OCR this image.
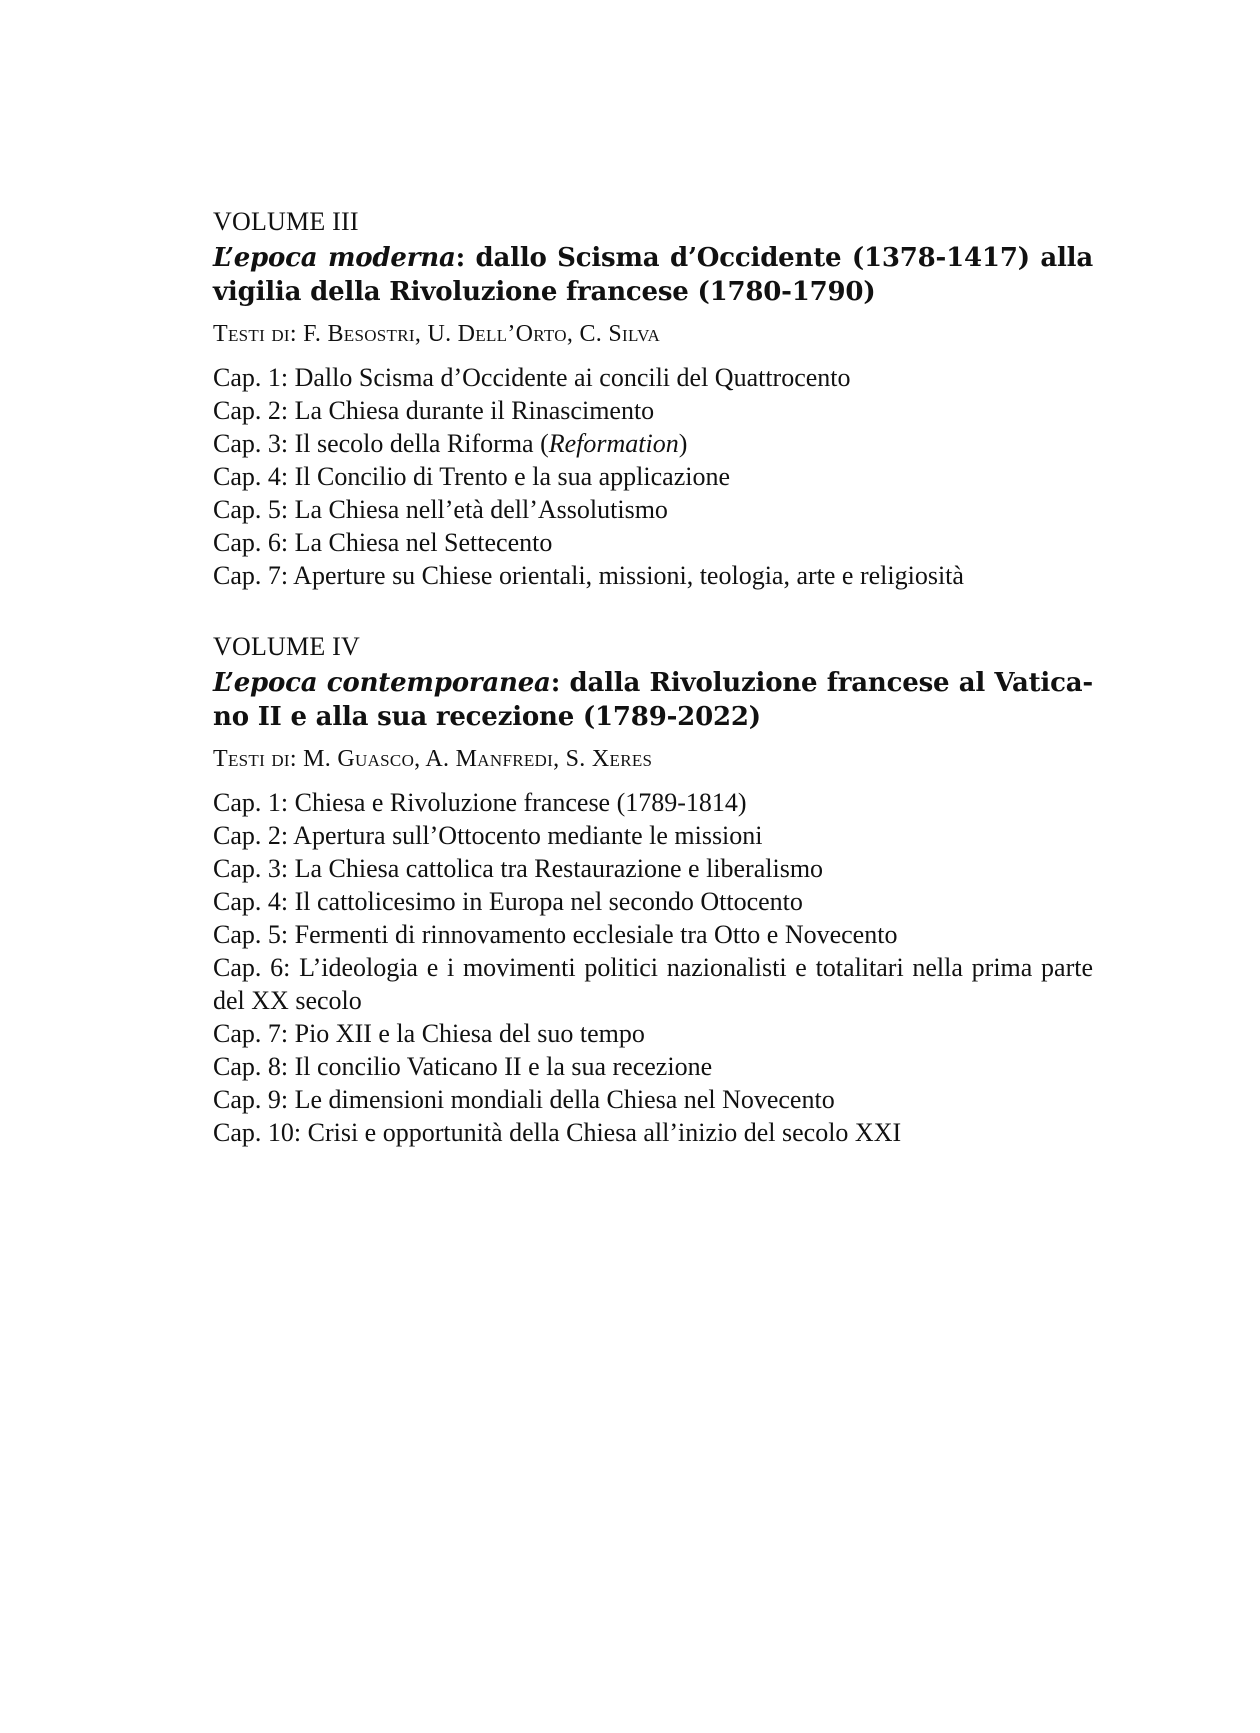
VOLUME III

L’epoca moderna: dallo Scisma d’Occidente (1378-1417) alla vigilia della Rivoluzione francese (1780-1790)

Testi di: F. Besostri, U. Dell’Orto, C. Silva

Cap. 1: Dallo Scisma d’Occidente ai concili del Quattrocento
Cap. 2: La Chiesa durante il Rinascimento
Cap. 3: Il secolo della Riforma (Reformation)
Cap. 4: Il Concilio di Trento e la sua applicazione
Cap. 5: La Chiesa nell’età dell’Assolutismo
Cap. 6: La Chiesa nel Settecento
Cap. 7: Aperture su Chiese orientali, missioni, teologia, arte e religiosità

VOLUME IV

L’epoca contemporanea: dalla Rivoluzione francese al Vatica-no II e alla sua recezione (1789-2022)

Testi di: M. Guasco, A. Manfredi, S. Xeres

Cap. 1: Chiesa e Rivoluzione francese (1789-1814)
Cap. 2: Apertura sull’Ottocento mediante le missioni
Cap. 3: La Chiesa cattolica tra Restaurazione e liberalismo
Cap. 4: Il cattolicesimo in Europa nel secondo Ottocento
Cap. 5: Fermenti di rinnovamento ecclesiale tra Otto e Novecento
Cap. 6: L’ideologia e i movimenti politici nazionalisti e totalitari nella prima parte del XX secolo
Cap. 7: Pio XII e la Chiesa del suo tempo
Cap. 8: Il concilio Vaticano II e la sua recezione
Cap. 9: Le dimensioni mondiali della Chiesa nel Novecento
Cap. 10: Crisi e opportunità della Chiesa all’inizio del secolo XXI
